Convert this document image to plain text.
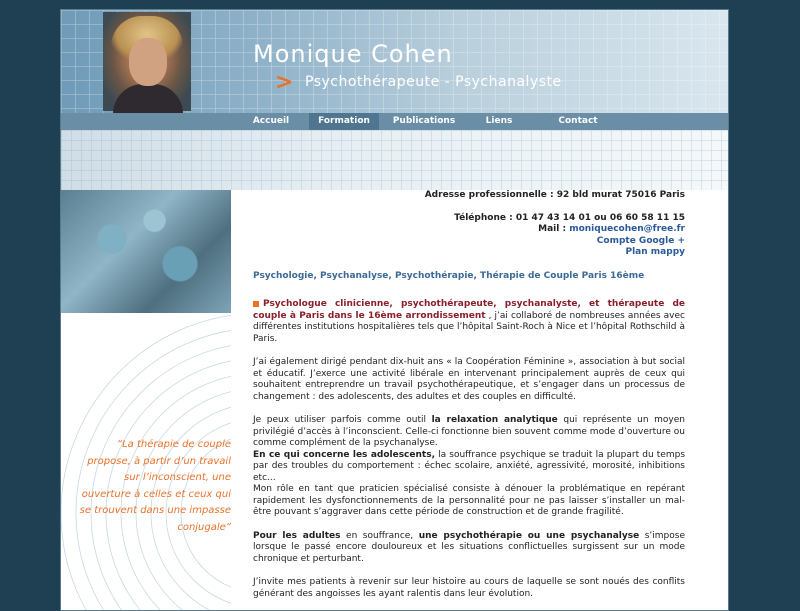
Monique Cohen
> Psychothérapeute - Psychanalyste
Accueil	Formation	Publications	Liens	Contact
“La thérapie de couple propose, à partir d’un travail sur l’inconscient, une ouverture à celles et ceux qui se trouvent dans une impasse conjugale”
Adresse professionnelle : 92 bld murat 75016 Paris
Téléphone : 01 47 43 14 01 ou 06 60 58 11 15
Mail : moniquecohen@free.fr
Compte Google +
Plan mappy
Psychologie, Psychanalyse, Psychothérapie, Thérapie de Couple Paris 16ème

Psychologue clinicienne, psychothérapeute, psychanalyste, et thérapeute de couple à Paris dans le 16ème arrondissement , j’ai collaboré de nombreuses années avec différentes institutions hospitalières tels que l’hôpital Saint-Roch à Nice et l’hôpital Rothschild à Paris.

J’ai également dirigé pendant dix-huit ans « la Coopération Féminine », association à but social et éducatif. J’exerce une activité libérale en intervenant principalement auprès de ceux qui souhaitent entreprendre un travail psychothérapeutique, et s’engager dans un processus de changement : des adolescents, des adultes et des couples en difficulté.

Je peux utiliser parfois comme outil la relaxation analytique qui représente un moyen privilégié d’accès à l’inconscient. Celle-ci fonctionne bien souvent comme mode d’ouverture ou comme complément de la psychanalyse.

En ce qui concerne les adolescents, la souffrance psychique se traduit la plupart du temps par des troubles du comportement : échec scolaire, anxiété, agressivité, morosité, inhibitions etc...

Mon rôle en tant que praticien spécialisé consiste à dénouer la problématique en repérant rapidement les dysfonctionnements de la personnalité pour ne pas laisser s’installer un mal-être pouvant s’aggraver dans cette période de construction et de grande fragilité.

Pour les adultes en souffrance, une psychothérapie ou une psychanalyse s’impose lorsque le passé encore douloureux et les situations conflictuelles surgissent sur un mode chronique et perturbant.

J’invite mes patients à revenir sur leur histoire au cours de laquelle se sont noués des conflits générant des angoisses les ayant ralentis dans leur évolution.
